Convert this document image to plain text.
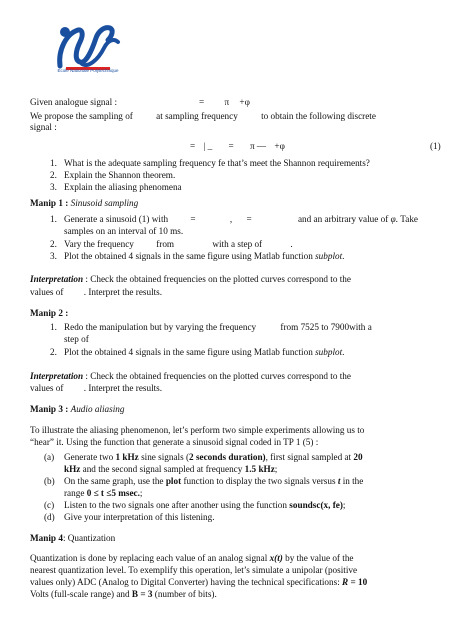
Ecole Nationale Polytechnique
Given analogue signal :	= π +φ
We propose the sampling of	at sampling frequency	to obtain the following discrete
signal :
= | _ = π — +φ	(1)
1. What is the adequate sampling frequency fe that’s meet the Shannon requirements?
2. Explain the Shannon theorem.
3. Explain the aliasing phenomena
Manip 1 : Sinusoid sampling
1. Generate a sinusoid (1) with =	, =	and an arbitrary value of φ. Take
samples on an interval of 10 ms.
2. Vary the frequency from	with a step of	.
3. Plot the obtained 4 signals in the same figure using Matlab function subplot.
Interpretation : Check the obtained frequencies on the plotted curves correspond to the
values of . Interpret the results.
Manip 2 :
1. Redo the manipulation but by varying the frequency	from 7525 to 7900with a
step of
2. Plot the obtained 4 signals in the same figure using Matlab function subplot.
Interpretation : Check the obtained frequencies on the plotted curves correspond to the
values of . Interpret the results.
Manip 3 : Audio aliasing
To illustrate the aliasing phenomenon, let’s perform two simple experiments allowing us to
“hear” it. Using the function that generate a sinusoid signal coded in TP 1 (5) :
(a) Generate two 1 kHz sine signals (2 seconds duration), first signal sampled at 20
kHz and the second signal sampled at frequency 1.5 kHz;
(b) On the same graph, use the plot function to display the two signals versus t in the
range 0 ≤ t ≤5 msec.;
(c) Listen to the two signals one after another using the function soundsc(x, fe);
(d) Give your interpretation of this listening.
Manip 4: Quantization
Quantization is done by replacing each value of an analog signal x(t) by the value of the
nearest quantization level. To exemplify this operation, let’s simulate a unipolar (positive
values only) ADC (Analog to Digital Converter) having the technical specifications: R = 10
Volts (full-scale range) and B = 3 (number of bits).
